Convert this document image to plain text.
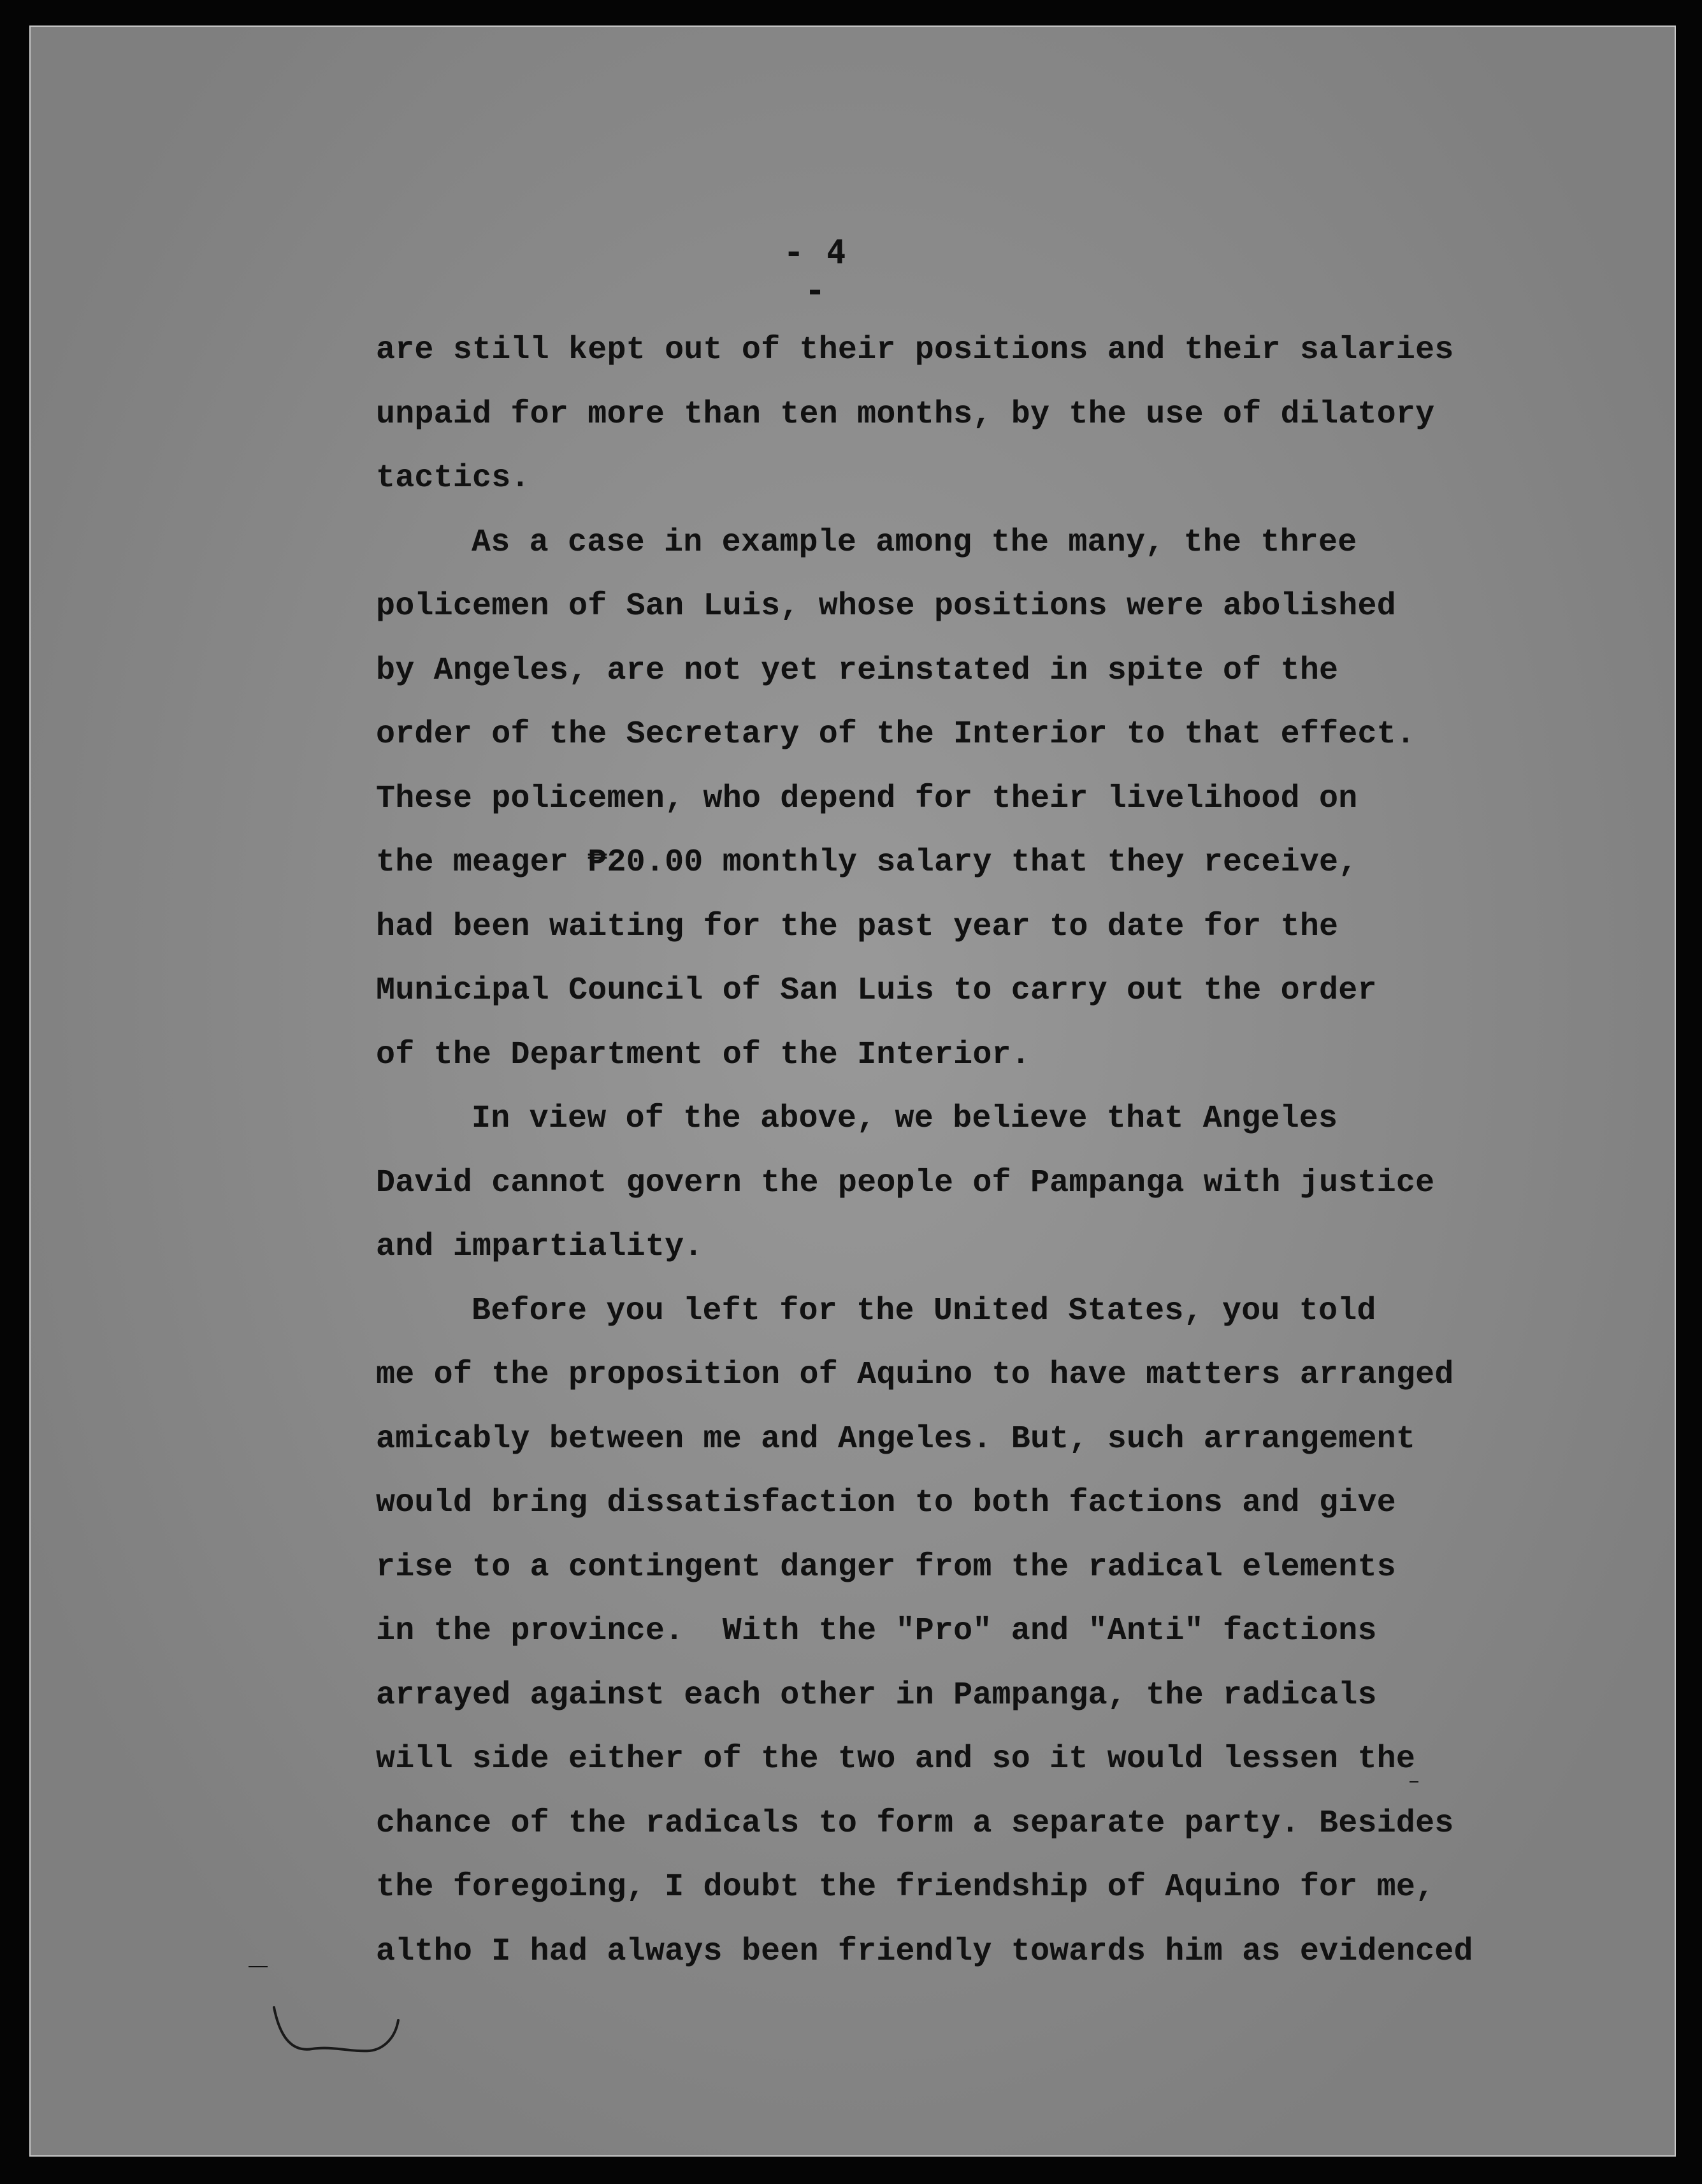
- 4 -
are still kept out of their positions and their salaries
unpaid for more than ten months, by the use of dilatory
tactics.
As a case in example among the many, the three
policemen of San Luis, whose positions were abolished
by Angeles, are not yet reinstated in spite of the
order of the Secretary of the Interior to that effect.
These policemen, who depend for their livelihood on
the meager ₱20.00 monthly salary that they receive,
had been waiting for the past year to date for the
Municipal Council of San Luis to carry out the order
of the Department of the Interior.
In view of the above, we believe that Angeles
David cannot govern the people of Pampanga with justice
and impartiality.
Before you left for the United States, you told
me of the proposition of Aquino to have matters arranged
amicably between me and Angeles. But, such arrangement
would bring dissatisfaction to both factions and give
rise to a contingent danger from the radical elements
in the province.  With the "Pro" and "Anti" factions
arrayed against each other in Pampanga, the radicals
will side either of the two and so it would lessen the
chance of the radicals to form a separate party. Besides
the foregoing, I doubt the friendship of Aquino for me,
altho I had always been friendly towards him as evidenced
